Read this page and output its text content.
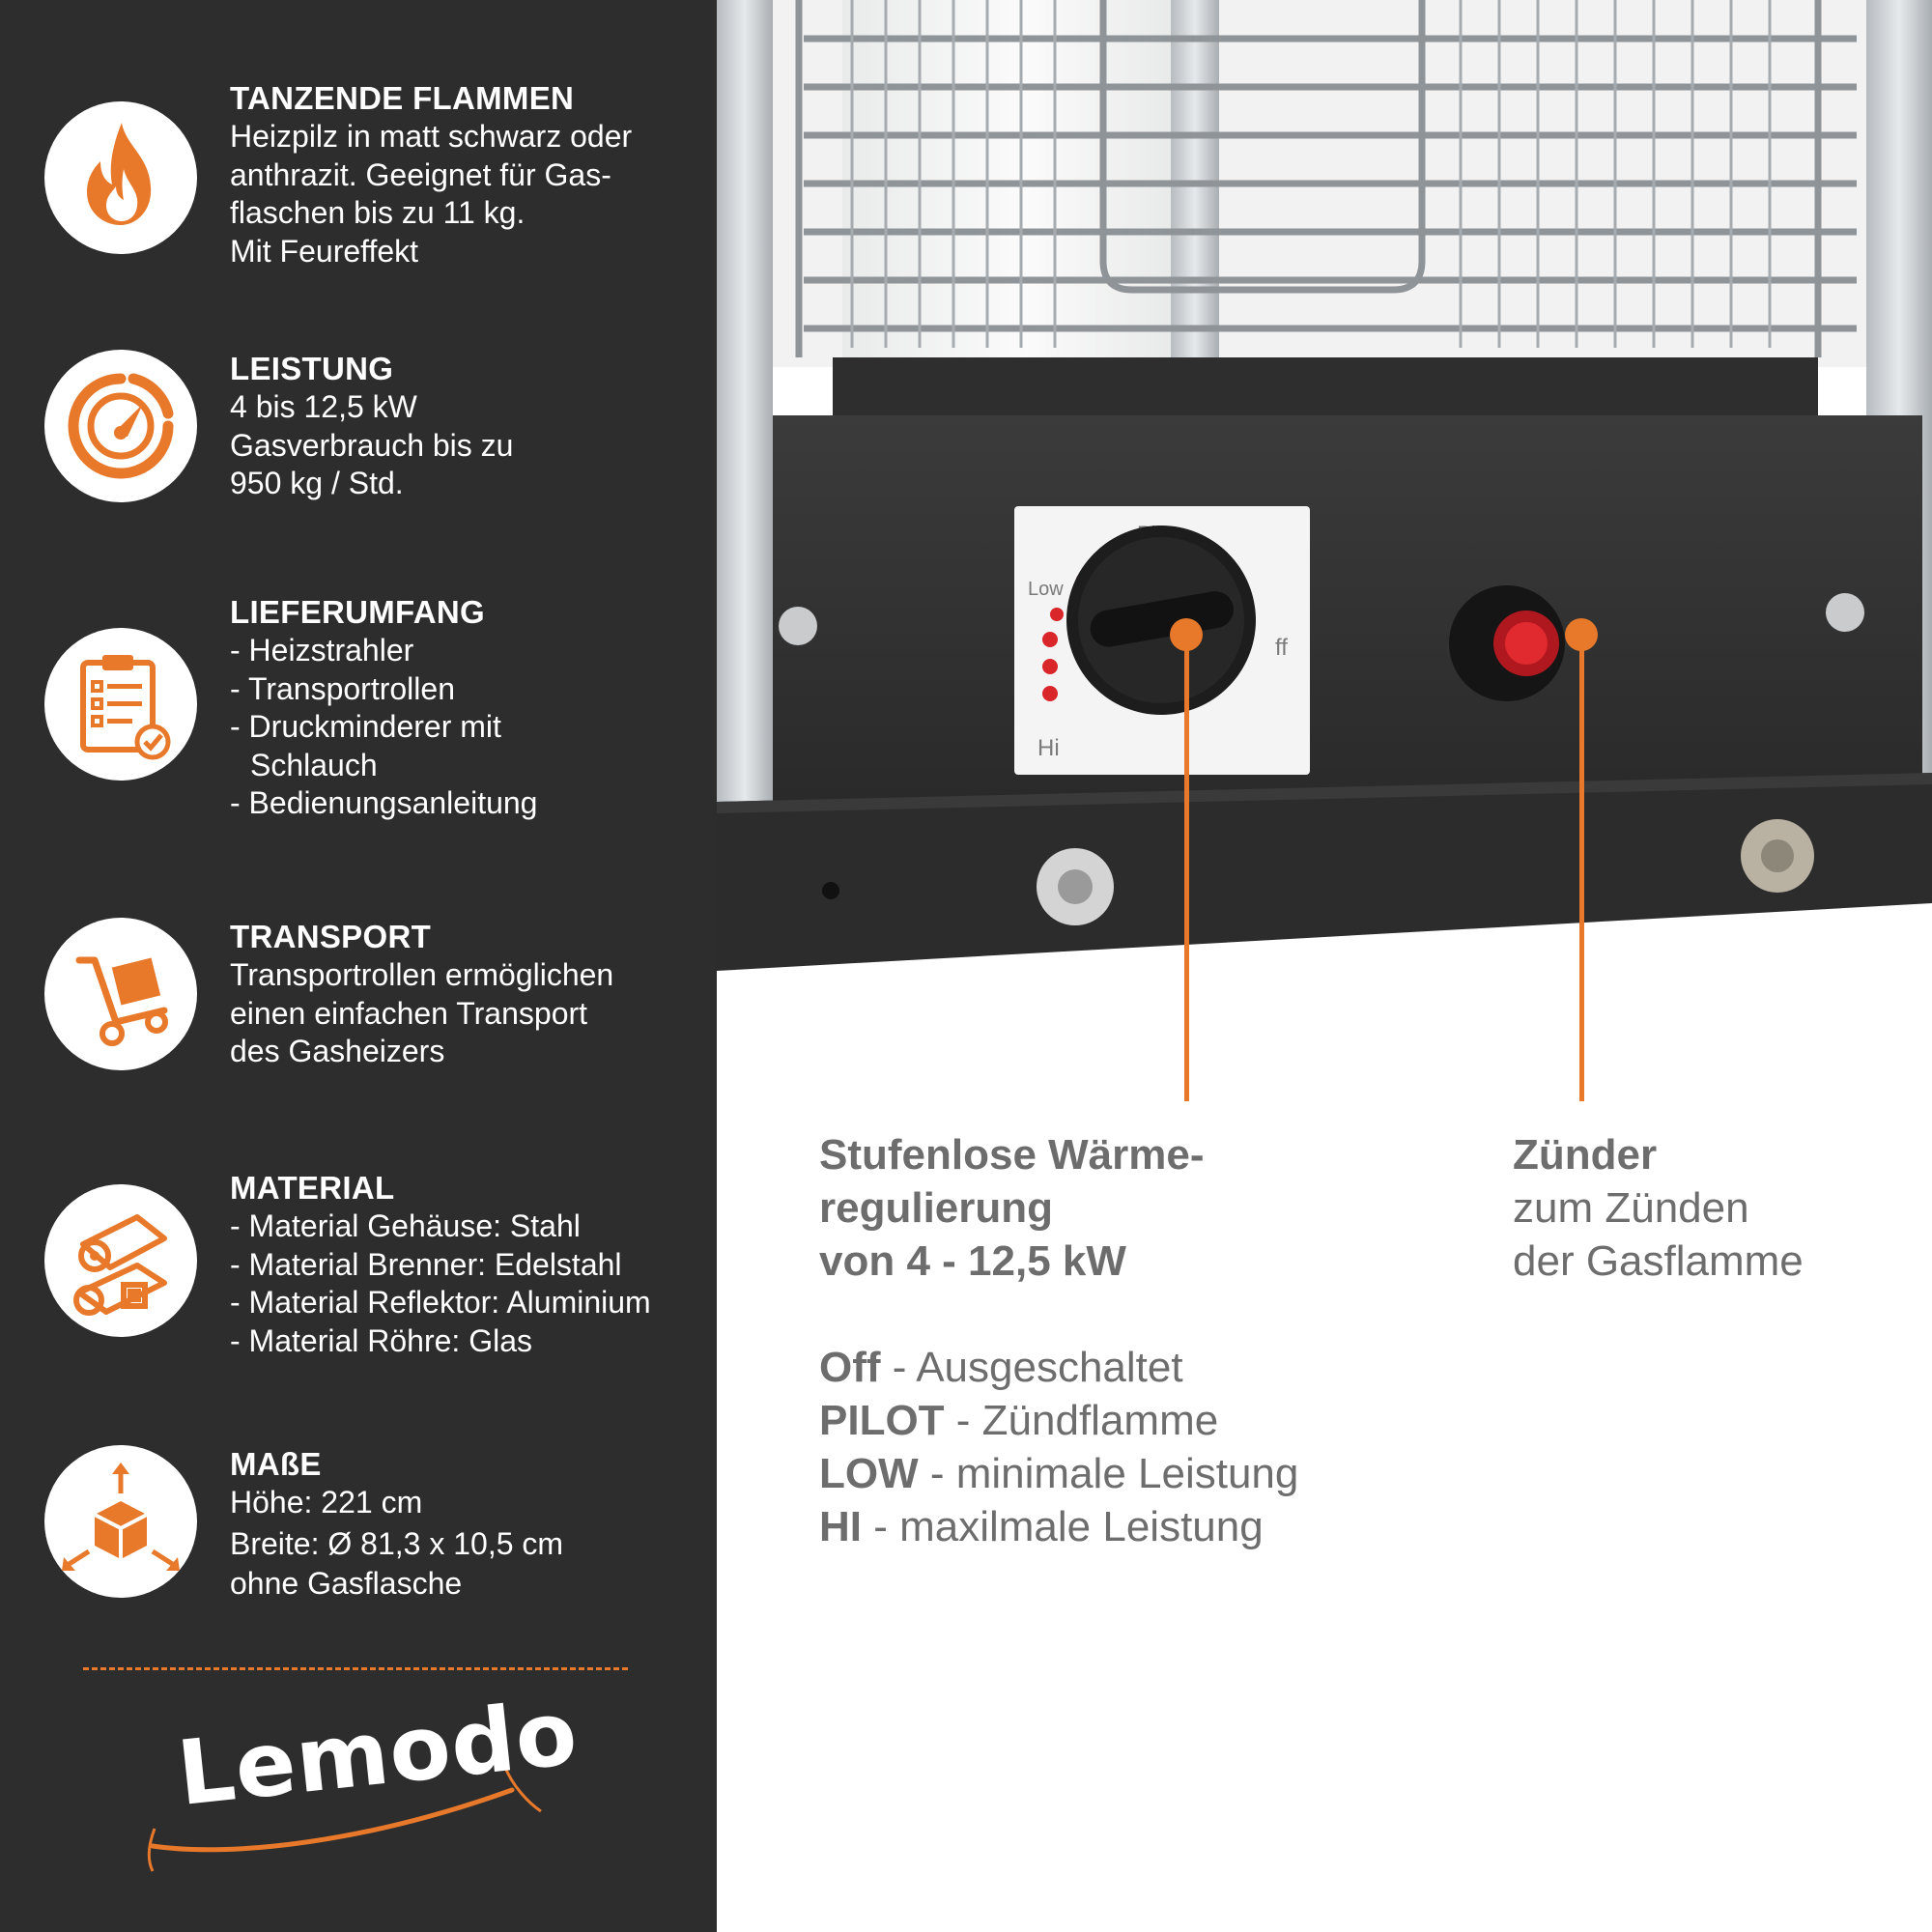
TANZENDE FLAMMEN
Heizpilz in matt schwarz oder
anthrazit. Geeignet für Gas-
flaschen bis zu 11 kg.
Mit Feureffekt
LEISTUNG
4 bis 12,5 kW
Gasverbrauch bis zu
950 kg / Std.
LIEFERUMFANG
- Heizstrahler
- Transportrollen
- Druckminderer mit
Schlauch
- Bedienungsanleitung
TRANSPORT
Transportrollen ermöglichen
einen einfachen Transport
des Gasheizers
MATERIAL
- Material Gehäuse: Stahl
- Material Brenner: Edelstahl
- Material Reflektor: Aluminium
- Material Röhre: Glas
MAßE
Höhe: 221 cm
Breite: Ø 81,3 x 10,5 cm
ohne Gasflasche
Lemodo
Low
Hi
ff
Stufenlose Wärme-
regulierung
von 4 - 12,5 kW
Off - Ausgeschaltet
PILOT - Zündflamme
LOW - minimale Leistung
HI - maxilmale Leistung
Zünder
zum Zünden
der Gasflamme
